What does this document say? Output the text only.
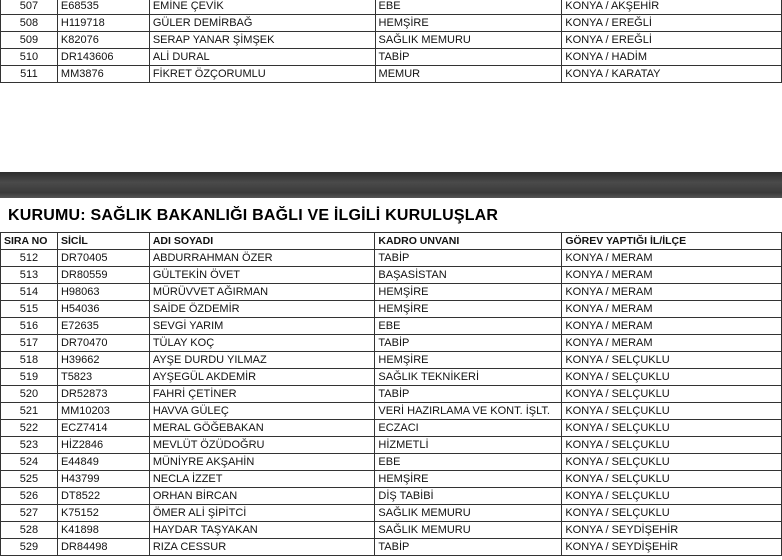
507	E68535	EMİNE ÇEVİK	EBE	KONYA / AKŞEHİR
508	H119718	GÜLER DEMİRBAĞ	HEMŞİRE	KONYA / EREĞLİ
509	K82076	SERAP YANAR ŞİMŞEK	SAĞLIK MEMURU	KONYA / EREĞLİ
510	DR143606	ALİ DURAL	TABİP	KONYA / HADİM
511	MM3876	FİKRET ÖZÇORUMLU	MEMUR	KONYA / KARATAY
KURUMU: SAĞLIK BAKANLIĞI BAĞLI VE İLGİLİ KURULUŞLAR
SIRA NO	SİCİL	ADI SOYADI	KADRO UNVANI	GÖREV YAPTIĞI İL/İLÇE
512	DR70405	ABDURRAHMAN ÖZER	TABİP	KONYA / MERAM
513	DR80559	GÜLTEKİN ÖVET	BAŞASİSTAN	KONYA / MERAM
514	H98063	MÜRÜVVET AĞIRMAN	HEMŞİRE	KONYA / MERAM
515	H54036	SAİDE ÖZDEMİR	HEMŞİRE	KONYA / MERAM
516	E72635	SEVGİ YARIM	EBE	KONYA / MERAM
517	DR70470	TÜLAY KOÇ	TABİP	KONYA / MERAM
518	H39662	AYŞE DURDU YILMAZ	HEMŞİRE	KONYA / SELÇUKLU
519	T5823	AYŞEGÜL AKDEMİR	SAĞLIK TEKNİKERİ	KONYA / SELÇUKLU
520	DR52873	FAHRİ ÇETİNER	TABİP	KONYA / SELÇUKLU
521	MM10203	HAVVA GÜLEÇ	VERİ HAZIRLAMA VE KONT. İŞLT.	KONYA / SELÇUKLU
522	ECZ7414	MERAL GÖĞEBAKAN	ECZACI	KONYA / SELÇUKLU
523	HİZ2846	MEVLÜT ÖZÜDOĞRU	HİZMETLİ	KONYA / SELÇUKLU
524	E44849	MÜNİYRE AKŞAHİN	EBE	KONYA / SELÇUKLU
525	H43799	NECLA İZZET	HEMŞİRE	KONYA / SELÇUKLU
526	DT8522	ORHAN BİRCAN	DİŞ TABİBİ	KONYA / SELÇUKLU
527	K75152	ÖMER ALİ ŞİPİTCİ	SAĞLIK MEMURU	KONYA / SELÇUKLU
528	K41898	HAYDAR TAŞYAKAN	SAĞLIK MEMURU	KONYA / SEYDİŞEHİR
529	DR84498	RIZA CESSUR	TABİP	KONYA / SEYDİŞEHİR
